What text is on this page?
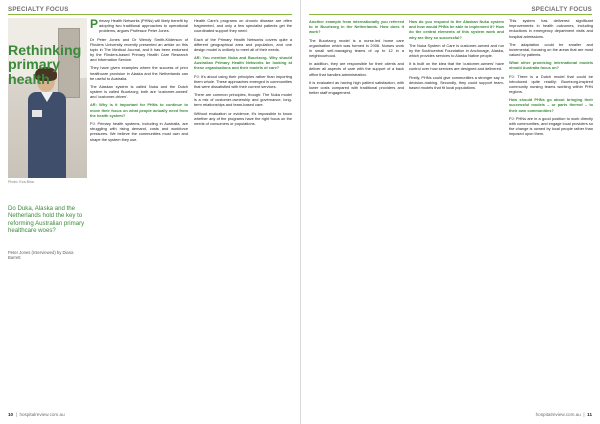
SPECIALTY FOCUS
Rethinking
primary health
Photo: Eva Bina
Do Duka, Alaska and the Netherlands hold the key to reforming Australian primary healthcare woes?
Peter Jones (Interviewed) by Diana Barrett

Primary Health Networks (PHNs) will likely benefit by adopting two traditional approaches to operational problems, argues Professor Peter Jones.

Dr Peter Jones and Dr Wendy Smith-Kilderson of Flinders University recently presented an article on this topic in The Medical Journal, and it has been endorsed by the Flinders-based Primary Health Care Research and Information Service.

They have given examples where the success of prior healthcare provision in Alaska and the Netherlands can be useful to Australia.

The Alaskan system is called Nuka and the Dutch system is called Buurtzorg; both are 'customer-owned' and 'customer-driven'.

AR: Why is it important for PHNs to continue to move their focus on what people actually need from the health system?

PJ: Primary health systems, including in Australia, are struggling with rising demand, costs and workforce pressures. We believe the communities must own and shape the system they use.

Health Care's programs on chronic disease are often fragmented, and only a few specialist patients get the coordinated support they need.

Each of the Primary Health Networks covers quite a different geographical area and population, and one design model is unlikely to meet all of their needs.

AR: You mention Nuka and Buurtzorg. Why should Australian Primary Health Networks be looking at these organisations and their models of care?

PJ: It's about using their principles rather than importing them whole. These approaches emerged in communities that were dissatisfied with their current services.

There are common principles, though: The Nuka model is a mix of customer-ownership and governance, long-term relationships and team-based care.

Without evaluation or evidence, it's impossible to know whether any of the programs have the right focus on the needs of consumers or populations.

10  |  hospitalreview.com.au
SPECIALTY FOCUS

Another example from internationally you referred to in Buurtzorg in the Netherlands. How does it work?

The Buurtzorg model is a nurse-led home care organisation which was formed in 2006. Nurses work in small self-managing teams of up to 12 in a neighbourhood.

In addition, they are responsible for their clients and deliver all aspects of care with the support of a back office that handles administration.

It is evaluated as having high patient satisfaction, with lower costs compared with traditional providers and better staff engagement.

How do you respond to the Alaskan Nuka system and how would PHNs be able to implement it? How do the central elements of this system work and why are they so successful?

The Nuka System of Care is customer-owned and run by the Southcentral Foundation in Anchorage, Alaska, which provides services to Alaska Native people.

It is built on the idea that the 'customer-owners' have control over how services are designed and delivered.

Firstly, PHNs could give communities a stronger say in decision-making. Secondly, they could support team-based models that fit local populations.

This system has delivered significant improvements in health outcomes, including reductions in emergency department visits and hospital admissions.

The adaptation could be smaller and incremental, focusing on the areas that are most valued by patients.

What other promising international models should Australia focus on?

PJ: There is a Dutch model that could be introduced quite readily: Buurtzorg-inspired community nursing teams working within PHN regions.

How should PHNs go about bringing their successful models – or parts thereof – to their own communities?

PJ: PHNs are in a good position to work directly with communities, and engage local providers so the change is owned by local people rather than imposed upon them.

hospitalreview.com.au  |  11
